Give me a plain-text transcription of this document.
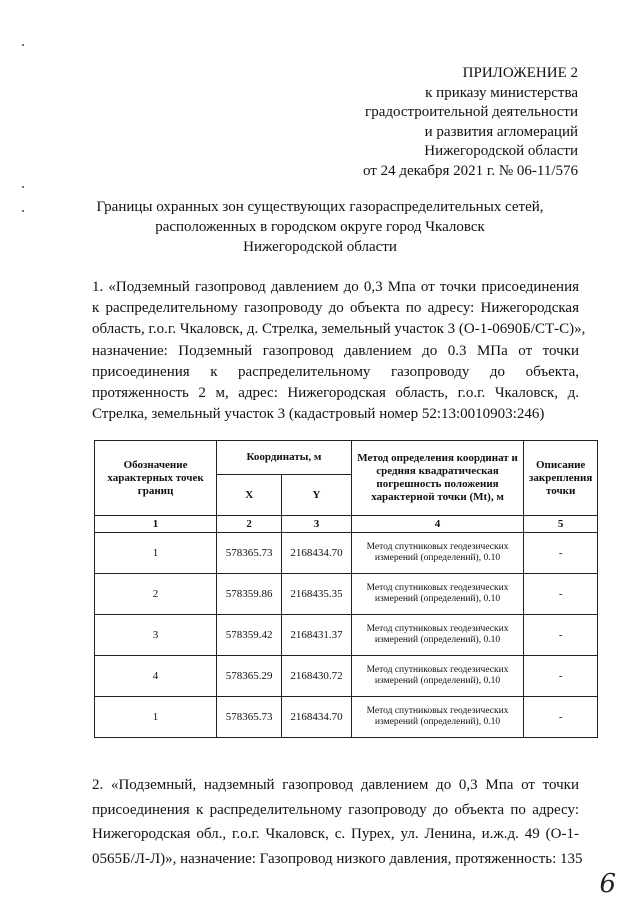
ПРИЛОЖЕНИЕ 2
к приказу министерства
градостроительной деятельности
и развития агломераций
Нижегородской области
от 24 декабря 2021 г. № 06-11/576
Границы охранных зон существующих газораспределительных сетей,
расположенных в городском округе город Чкаловск
Нижегородской области
1. «Подземный газопровод давлением до 0,3 Мпа от точки присоединения
к распределительному газопроводу до объекта по адресу: Нижегородская
область, г.о.г. Чкаловск, д. Стрелка, земельный участок 3 (О-1-0690Б/СТ-С)»,
назначение: Подземный газопровод давлением до 0.3 МПа от точки
присоединения к распределительному газопроводу до объекта,
протяженность 2 м, адрес: Нижегородская область, г.о.г. Чкаловск, д.
Стрелка, земельный участок 3 (кадастровый номер 52:13:0010903:246)
Обозначение характерных точек границ	Координаты, м		Метод определения координат и средняя квадратическая погрешность положения характерной точки (Mt), м	Описание закрепления точки
	X	Y		
1	2	3	4	5
1	578365.73	2168434.70	Метод спутниковых геодезических измерений (определений), 0.10	-
2	578359.86	2168435.35	Метод спутниковых геодезических измерений (определений), 0.10	-
3	578359.42	2168431.37	Метод спутниковых геодезических измерений (определений), 0.10	-
4	578365.29	2168430.72	Метод спутниковых геодезических измерений (определений), 0.10	-
1	578365.73	2168434.70	Метод спутниковых геодезических измерений (определений), 0.10	-
2. «Подземный, надземный газопровод давлением до 0,3 Мпа от точки
присоединения к распределительному газопроводу до объекта по адресу:
Нижегородская обл., г.о.г. Чкаловск, с. Пурех, ул. Ленина, и.ж.д. 49 (О-1-
0565Б/Л-Л)», назначение: Газопровод низкого давления, протяженность: 135
6
